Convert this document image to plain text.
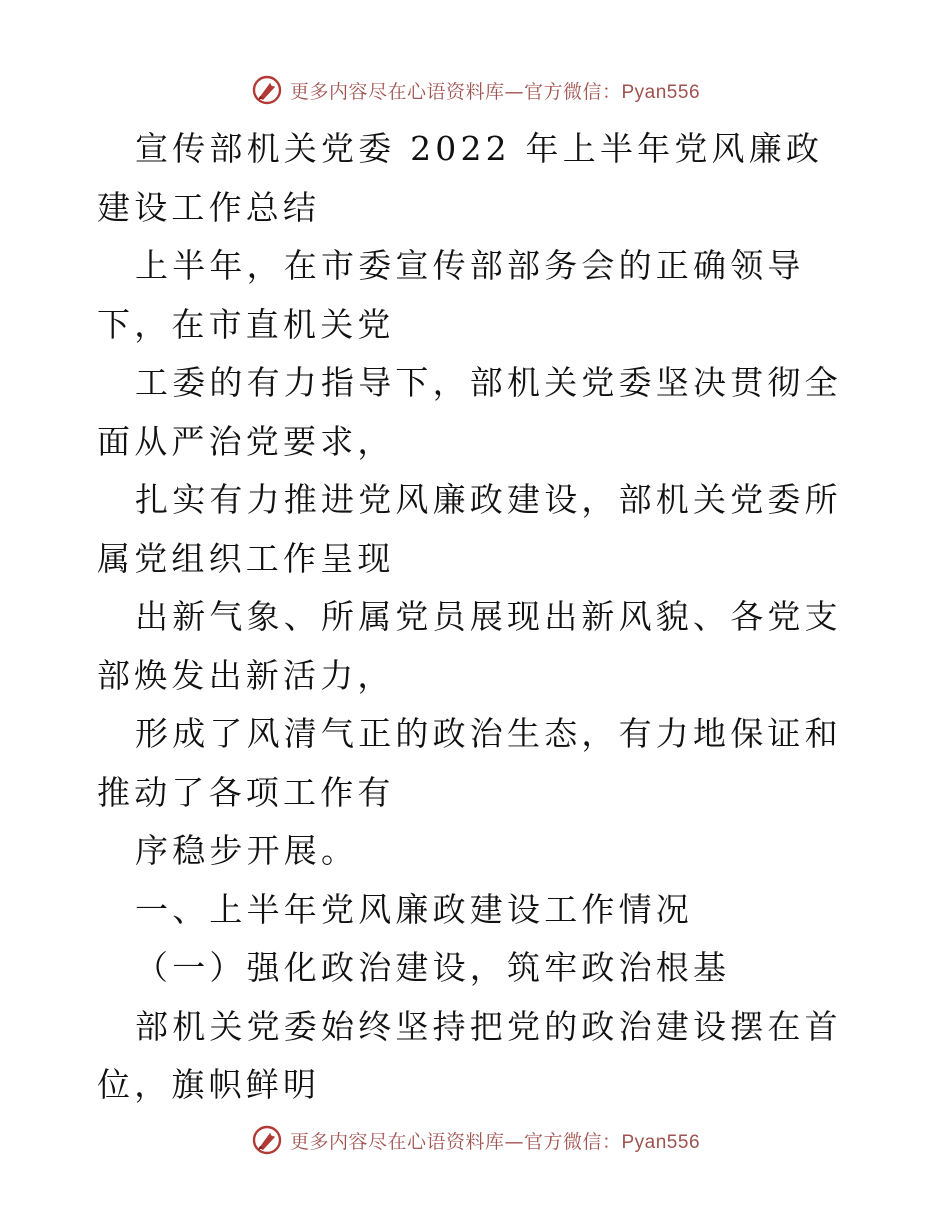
更多内容尽在心语资料库—官方微信：Pyan556

宣传部机关党委 2022 年上半年党风廉政建设工作总结

上半年，在市委宣传部部务会的正确领导下，在市直机关党

工委的有力指导下，部机关党委坚决贯彻全面从严治党要求，

扎实有力推进党风廉政建设，部机关党委所属党组织工作呈现

出新气象、所属党员展现出新风貌、各党支部焕发出新活力，

形成了风清气正的政治生态，有力地保证和推动了各项工作有

序稳步开展。

一、上半年党风廉政建设工作情况

（一）强化政治建设，筑牢政治根基

部机关党委始终坚持把党的政治建设摆在首位，旗帜鲜明

更多内容尽在心语资料库—官方微信：Pyan556
